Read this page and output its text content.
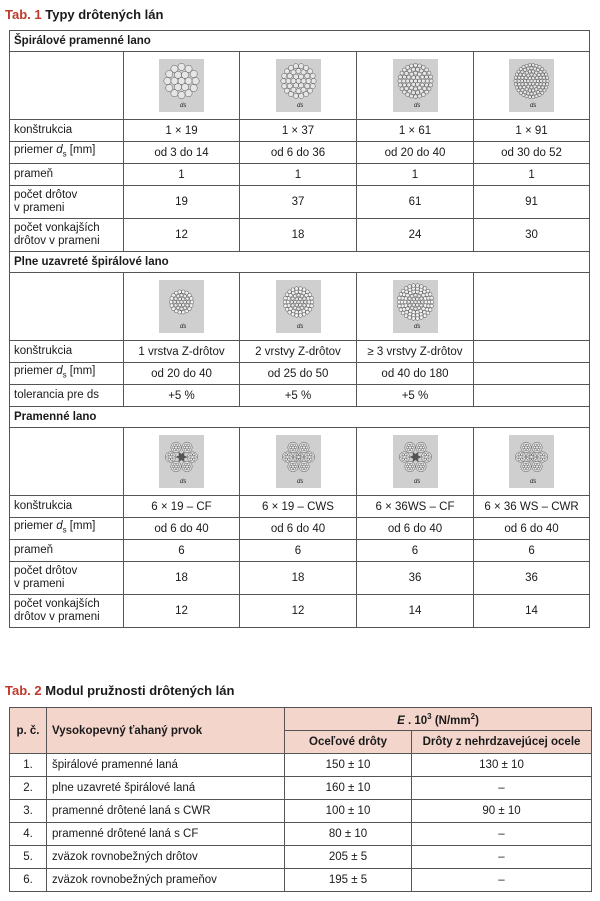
Tab. 1 Typy drôtených lán
Špirálové pramenné lano				

ds	ds	ds	ds

konštrukcia	1 × 19	1 × 37	1 × 61	1 × 91
priemer $d_s$ [mm]	od 3 do 14	od 6 do 36	od 20 do 40	od 30 do 52
prameň	1	1	1	1
počet drôtov
v prameni	19	37	61	91
počet vonkajších
drôtov v prameni	12	18	24	30
Plne uzavreté špirálové lano				

ds	ds	ds	

konštrukcia	1 vrstva Z-drôtov	2 vrstvy Z-drôtov	≥ 3 vrstvy Z-drôtov	
priemer $d_s$ [mm]	od 20 do 40	od 25 do 50	od 40 do 180	
tolerancia pre ds	+5 %	+5 %	+5 %	
Pramenné lano				

ds	ds	ds	ds

konštrukcia	6 × 19 – CF	6 × 19 – CWS	6 × 36WS – CF	6 × 36 WS – CWR
priemer $d_s$ [mm]	od 6 do 40	od 6 do 40	od 6 do 40	od 6 do 40
prameň	6	6	6	6
počet drôtov
v prameni	18	18	36	36
počet vonkajších
drôtov v prameni	12	12	14	14
Tab. 2 Modul pružnosti drôtených lán
p. č.	Vysokopevný ťahaný prvok	E . $10^3$ $(N/mm^2)$	
		Oceľové drôty	Drôty z nehrdzavejúcej ocele
1.	špirálové pramenné laná	150 ± 10	130 ± 10
2.	plne uzavreté špirálové laná	160 ± 10	–
3.	pramenné drôtené laná s CWR	100 ± 10	90 ± 10
4.	pramenné drôtené laná s CF	80 ± 10	–
5.	zväzok rovnobežných drôtov	205 ± 5	–
6.	zväzok rovnobežných prameňov	195 ± 5	–
